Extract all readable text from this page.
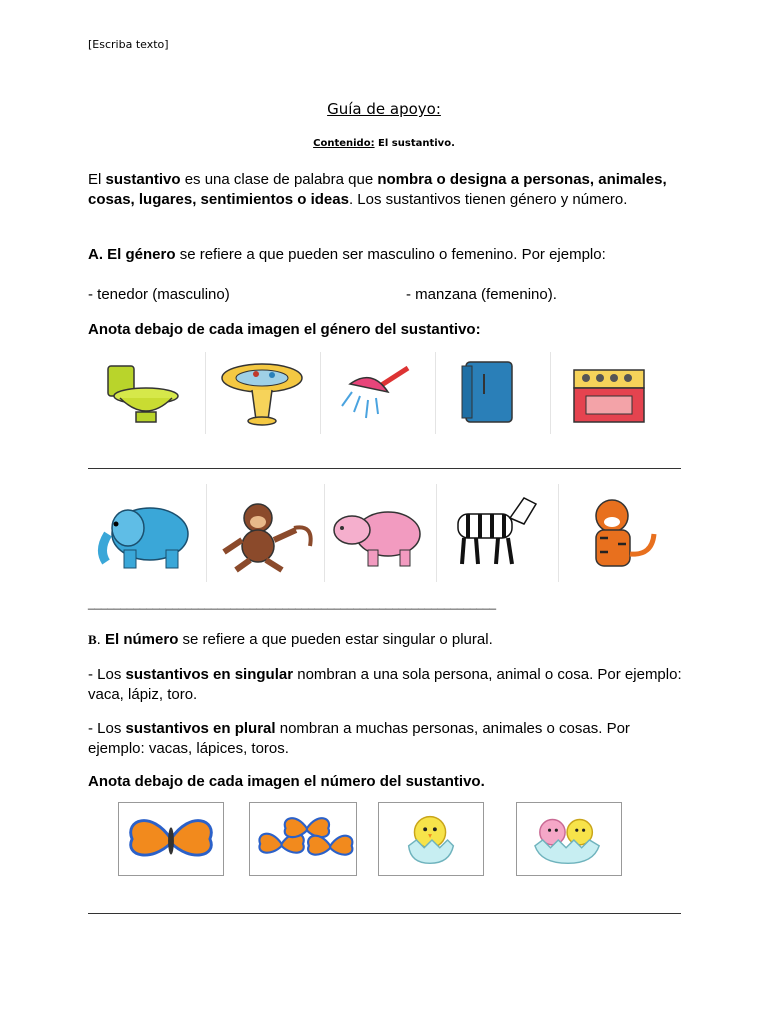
[Escriba texto]
Guía de apoyo:
Contenido: El sustantivo.
El sustantivo es una clase de palabra que nombra o designa a personas, animales, cosas, lugares, sentimientos o ideas. Los sustantivos tienen género y número.
A. El género se refiere a que pueden ser masculino o femenino. Por ejemplo:
- tenedor (masculino)	- manzana (femenino).
Anota debajo de cada imagen el género del sustantivo:
_______________________________________________________________
B. El número se refiere a que pueden estar singular o plural.
- Los sustantivos en singular nombran a una sola persona, animal o cosa. Por ejemplo: vaca, lápiz, toro.
- Los sustantivos en plural nombran a muchas personas, animales o cosas. Por ejemplo: vacas, lápices, toros.
Anota debajo de cada imagen el número del sustantivo.
